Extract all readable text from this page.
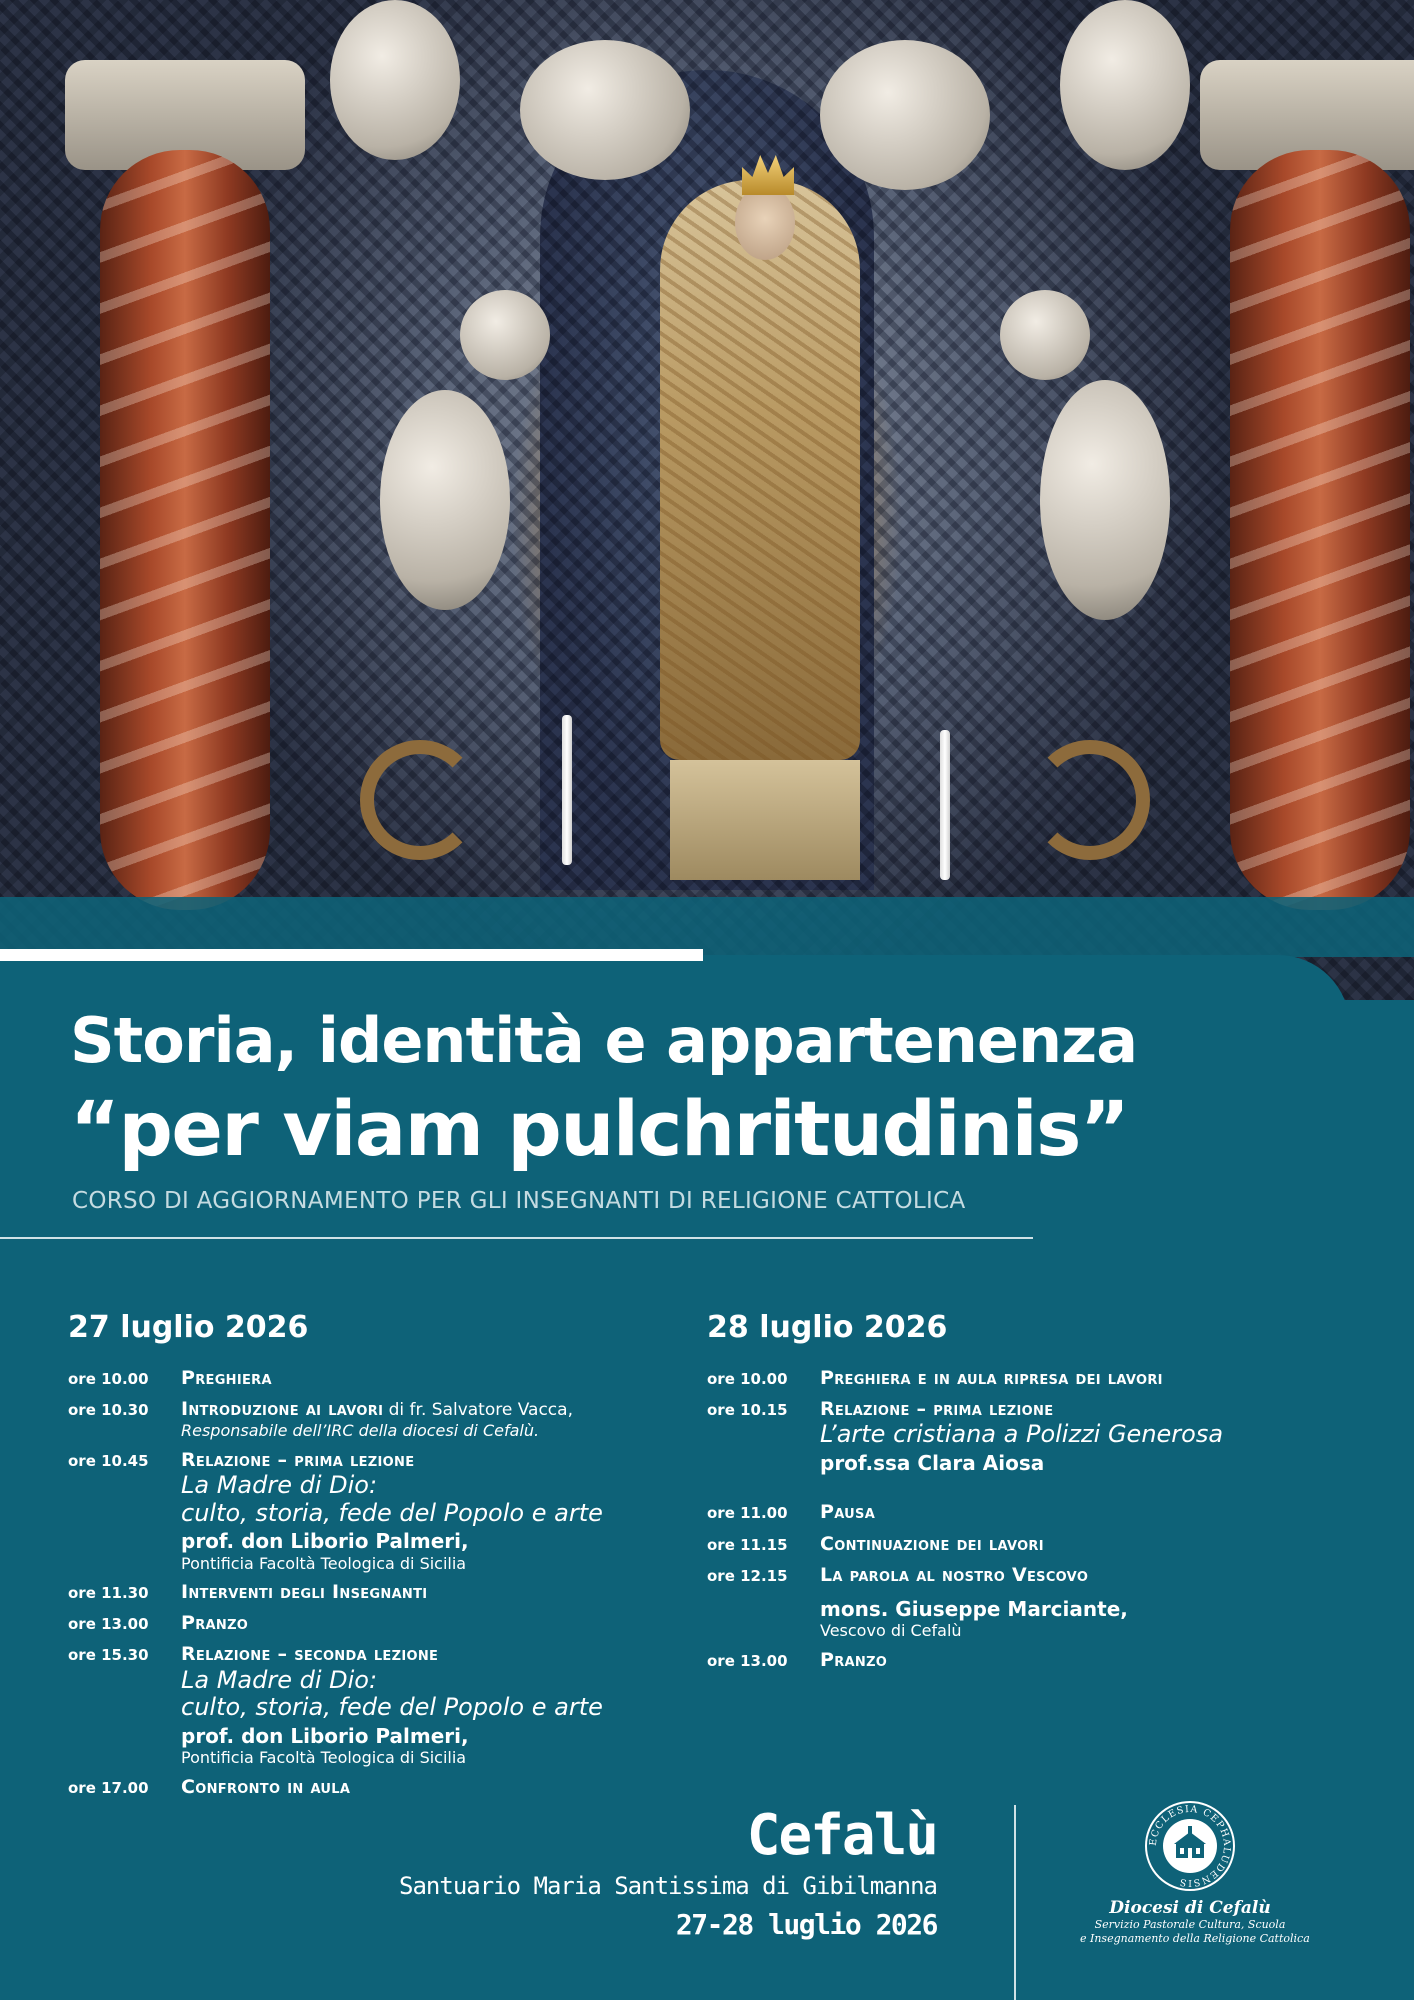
Storia, identità e appartenenza
“per viam pulchritudinis”
CORSO DI AGGIORNAMENTO PER GLI INSEGNANTI DI RELIGIONE CATTOLICA
27 luglio 2026
ore 10.00	Preghiera
ore 10.30	Introduzione ai lavori di fr. Salvatore Vacca,
Responsabile dell’IRC della diocesi di Cefalù.
ore 10.45	Relazione – prima lezione
La Madre di Dio:
culto, storia, fede del Popolo e arte
prof. don Liborio Palmeri,
Pontificia Facoltà Teologica di Sicilia
ore 11.30	Interventi degli Insegnanti
ore 13.00	Pranzo
ore 15.30	Relazione – seconda lezione
La Madre di Dio:
culto, storia, fede del Popolo e arte
prof. don Liborio Palmeri,
Pontificia Facoltà Teologica di Sicilia
ore 17.00	Confronto in aula
28 luglio 2026
ore 10.00	Preghiera e in aula ripresa dei lavori
ore 10.15	Relazione – prima lezione
L’arte cristiana a Polizzi Generosa
prof.ssa Clara Aiosa
ore 11.00	Pausa
ore 11.15	Continuazione dei lavori
ore 12.15	La parola al nostro Vescovo
mons. Giuseppe Marciante,
Vescovo di Cefalù
ore 13.00	Pranzo
Cefalù
Santuario Maria Santissima di Gibilmanna
27-28 luglio 2026
ECCLESIA CEPHALUDENSIS
Diocesi di Cefalù
Servizio Pastorale Cultura, Scuola
e Insegnamento della Religione Cattolica
